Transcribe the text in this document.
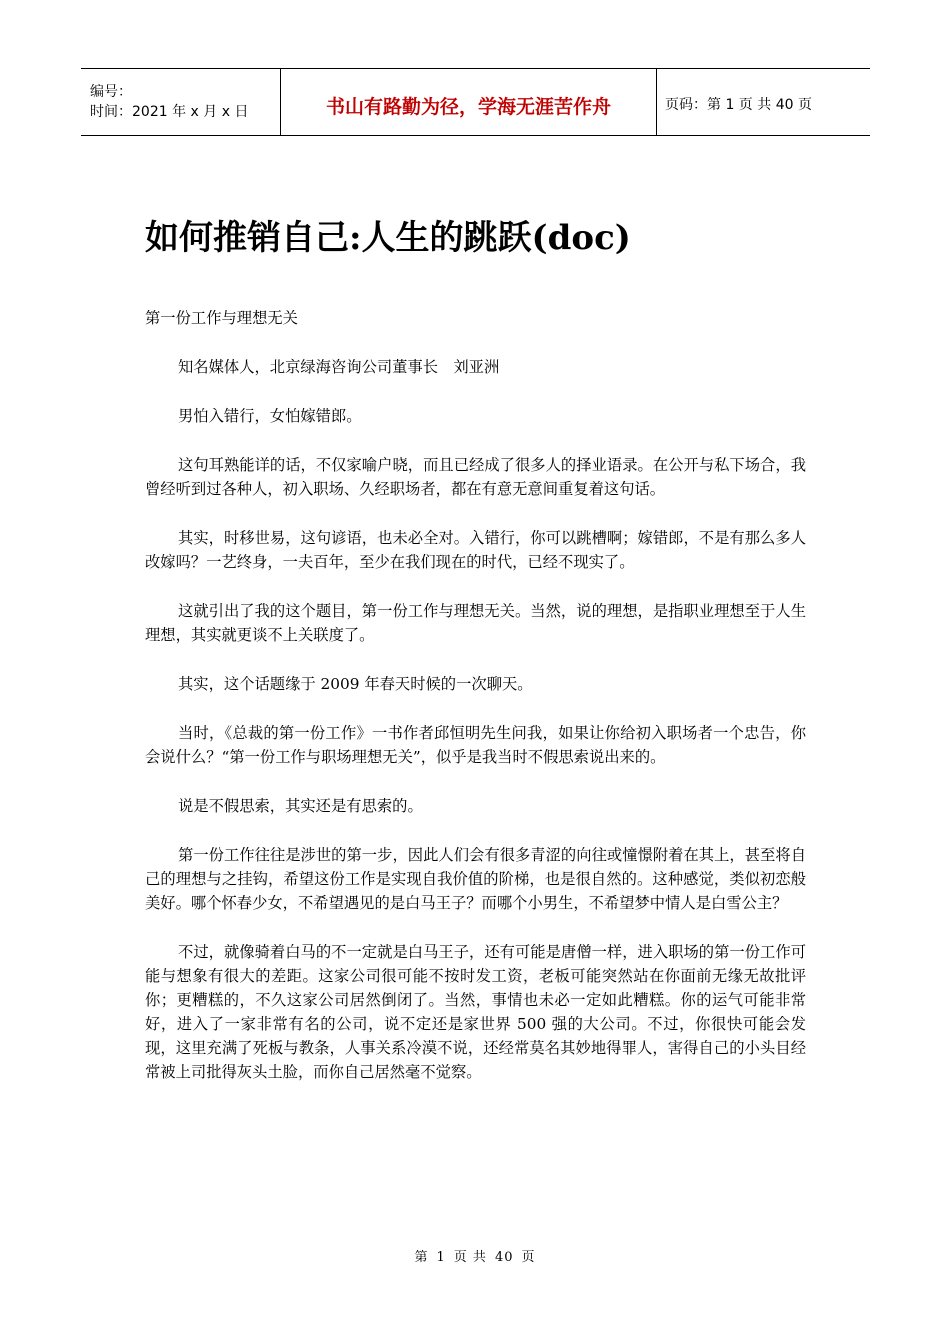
编号：
时间：2021 年 x 月 x 日	书山有路勤为径，学海无涯苦作舟	页码：第 1 页 共 40 页
如何推销自己:人生的跳跃(doc)

第一份工作与理想无关

知名媒体人，北京绿海咨询公司董事长　刘亚洲

男怕入错行，女怕嫁错郎。

这句耳熟能详的话，不仅家喻户晓，而且已经成了很多人的择业语录。在公开与私下场合，我曾经听到过各种人，初入职场、久经职场者，都在有意无意间重复着这句话。

其实，时移世易，这句谚语，也未必全对。入错行，你可以跳槽啊；嫁错郎，不是有那么多人改嫁吗？一艺终身，一夫百年，至少在我们现在的时代，已经不现实了。

这就引出了我的这个题目，第一份工作与理想无关。当然，说的理想，是指职业理想至于人生理想，其实就更谈不上关联度了。

其实，这个话题缘于 2009 年春天时候的一次聊天。

当时，《总裁的第一份工作》一书作者邱恒明先生问我，如果让你给初入职场者一个忠告，你会说什么？“第一份工作与职场理想无关”，似乎是我当时不假思索说出来的。

说是不假思索，其实还是有思索的。

第一份工作往往是涉世的第一步，因此人们会有很多青涩的向往或憧憬附着在其上，甚至将自己的理想与之挂钩，希望这份工作是实现自我价值的阶梯，也是很自然的。这种感觉，类似初恋般美好。哪个怀春少女，不希望遇见的是白马王子？而哪个小男生，不希望梦中情人是白雪公主？

不过，就像骑着白马的不一定就是白马王子，还有可能是唐僧一样，进入职场的第一份工作可能与想象有很大的差距。这家公司很可能不按时发工资，老板可能突然站在你面前无缘无故批评你；更糟糕的，不久这家公司居然倒闭了。当然，事情也未必一定如此糟糕。你的运气可能非常好，进入了一家非常有名的公司，说不定还是家世界 500 强的大公司。不过，你很快可能会发现，这里充满了死板与教条，人事关系冷漠不说，还经常莫名其妙地得罪人，害得自己的小头目经常被上司批得灰头土脸，而你自己居然毫不觉察。

第 1 页 共 40 页
